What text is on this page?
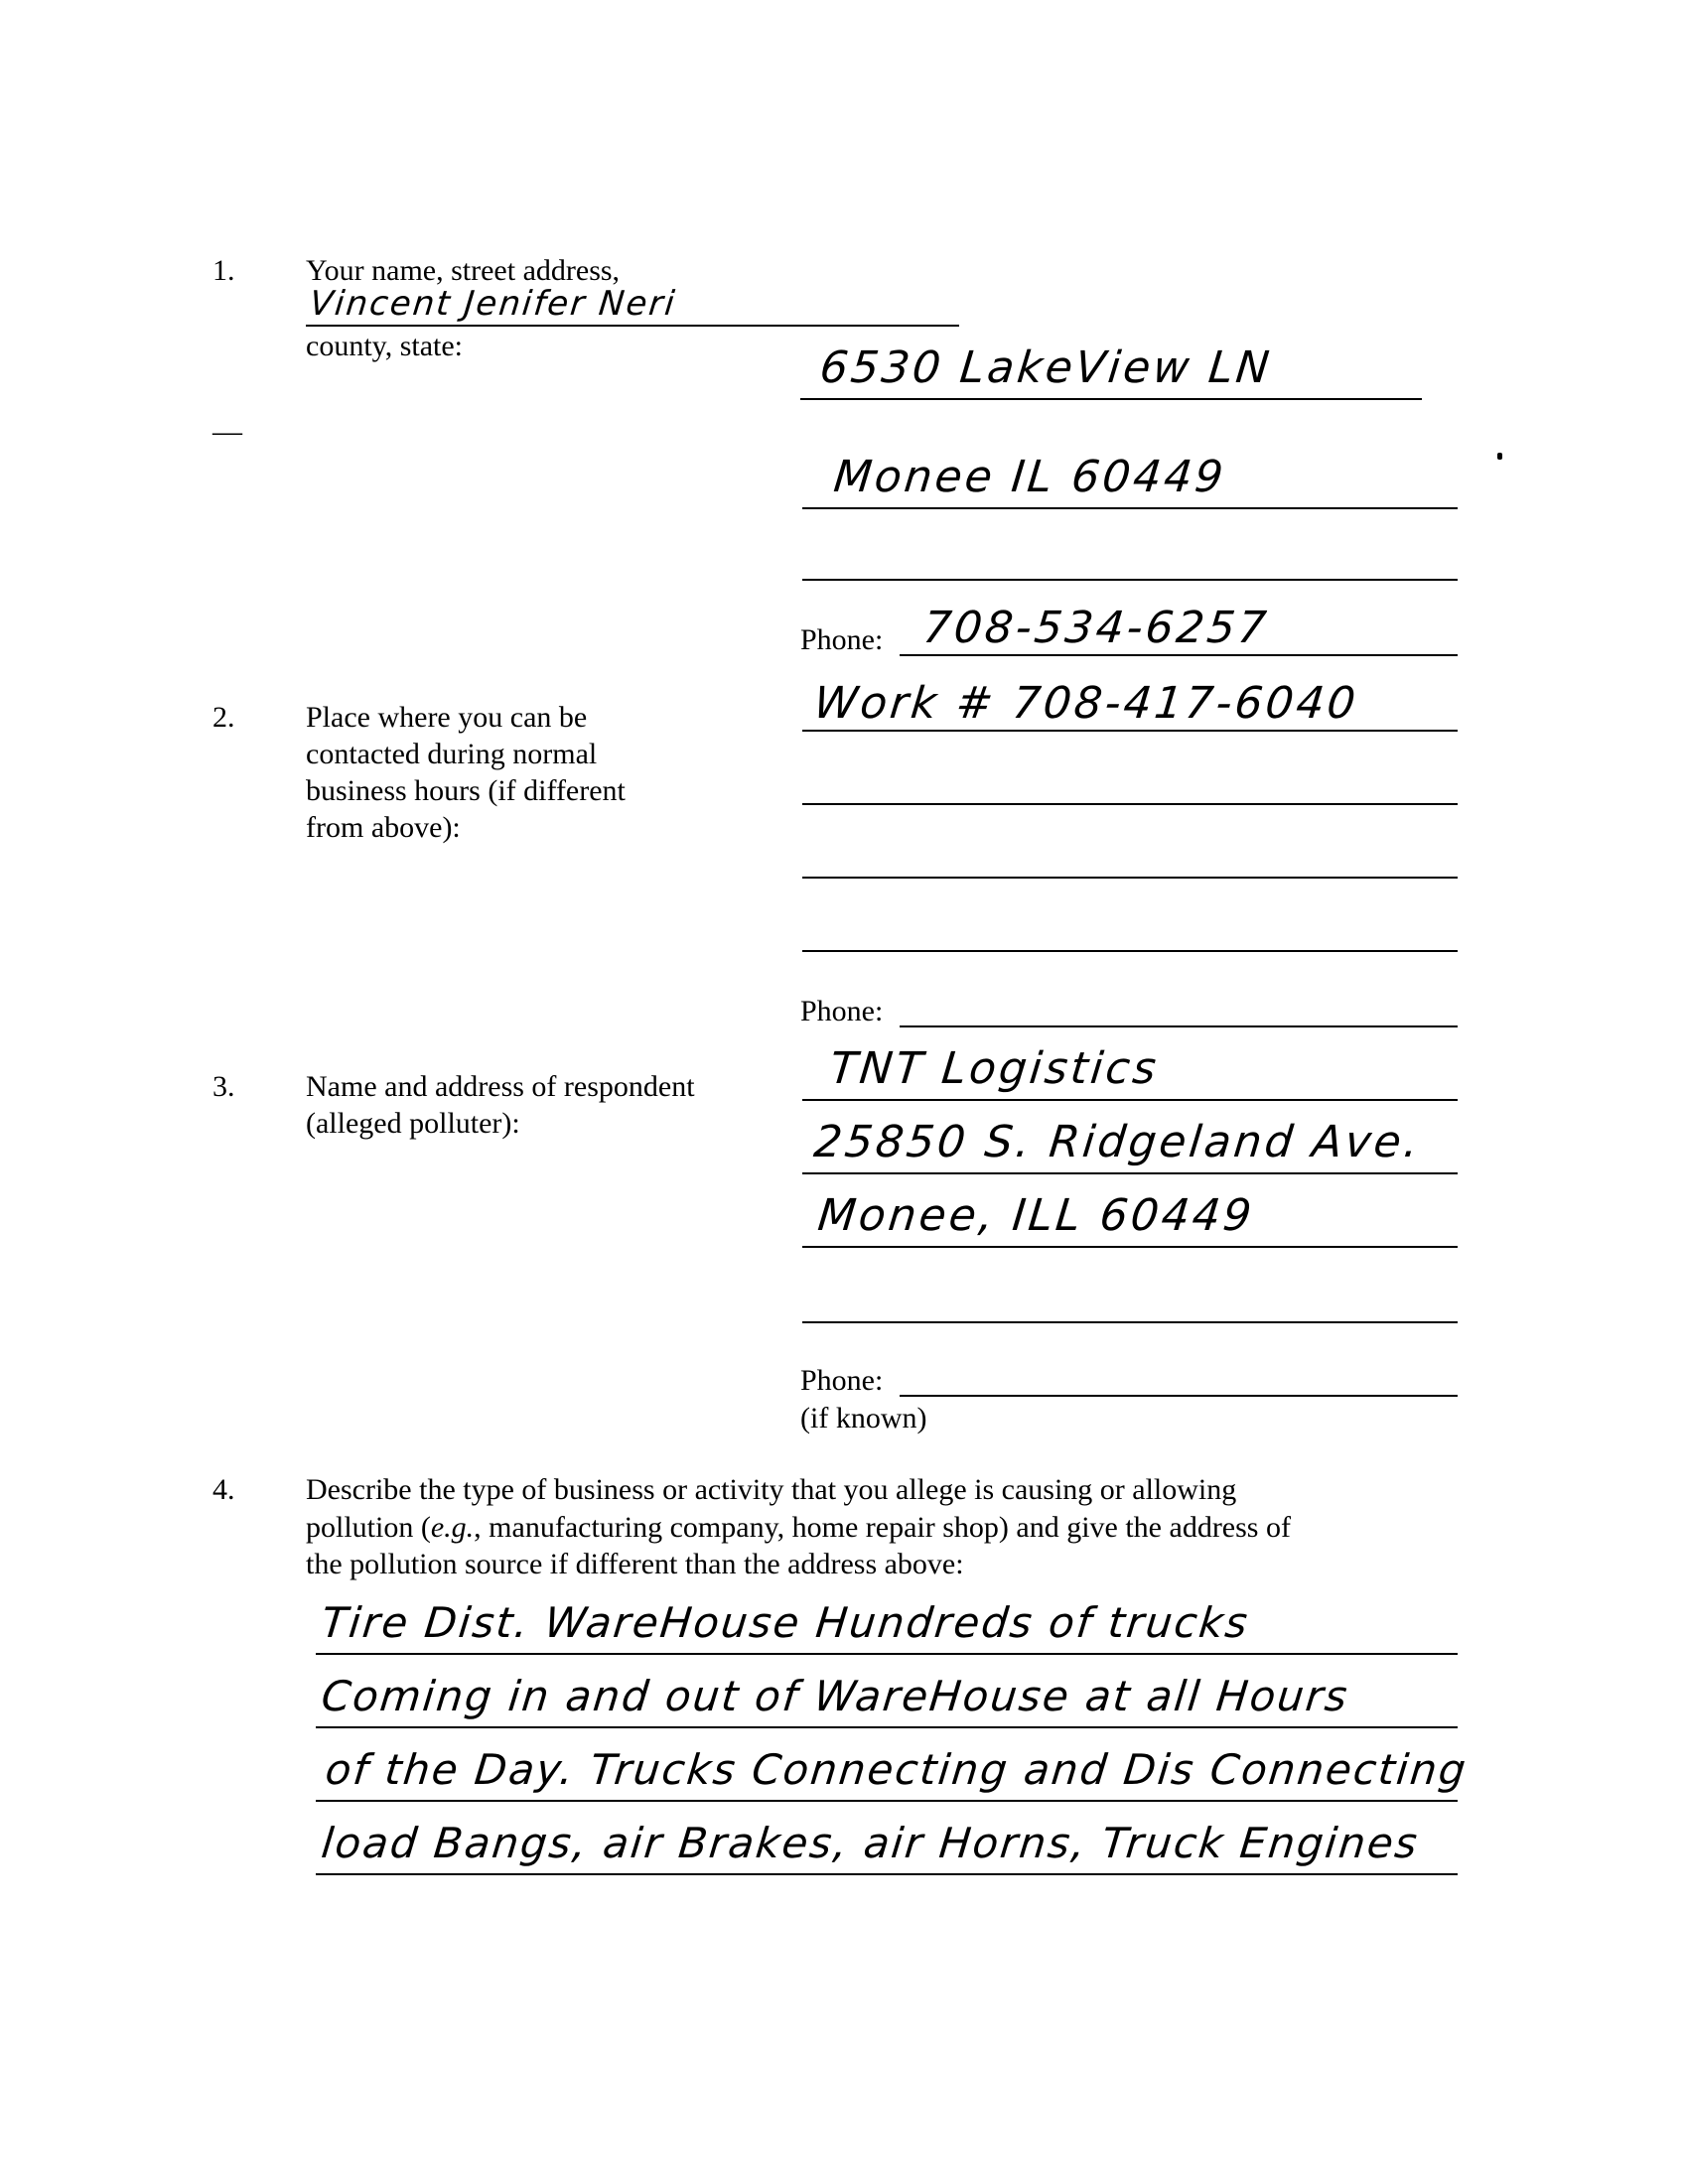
1. Your name, street address,
Vincent Jenifer Neri
county, state:	6530 LakeView LN
—
Monee IL 60449
Phone: 708-534-6257
2. Place where you can be
contacted during normal
business hours (if different
from above):
Work # 708-417-6040
Phone:
3. Name and address of respondent
(alleged polluter):
TNT Logistics
25850 S. Ridgeland Ave.
Monee, ILL 60449
Phone:
(if known)
4. Describe the type of business or activity that you allege is causing or allowing
pollution (e.g., manufacturing company, home repair shop) and give the address of
the pollution source if different than the address above:
Tire Dist. WareHouse Hundreds of trucks
Coming in and out of WareHouse at all Hours
of the Day. Trucks Connecting and Dis Connecting
load Bangs, air Brakes, air Horns, Truck Engines
